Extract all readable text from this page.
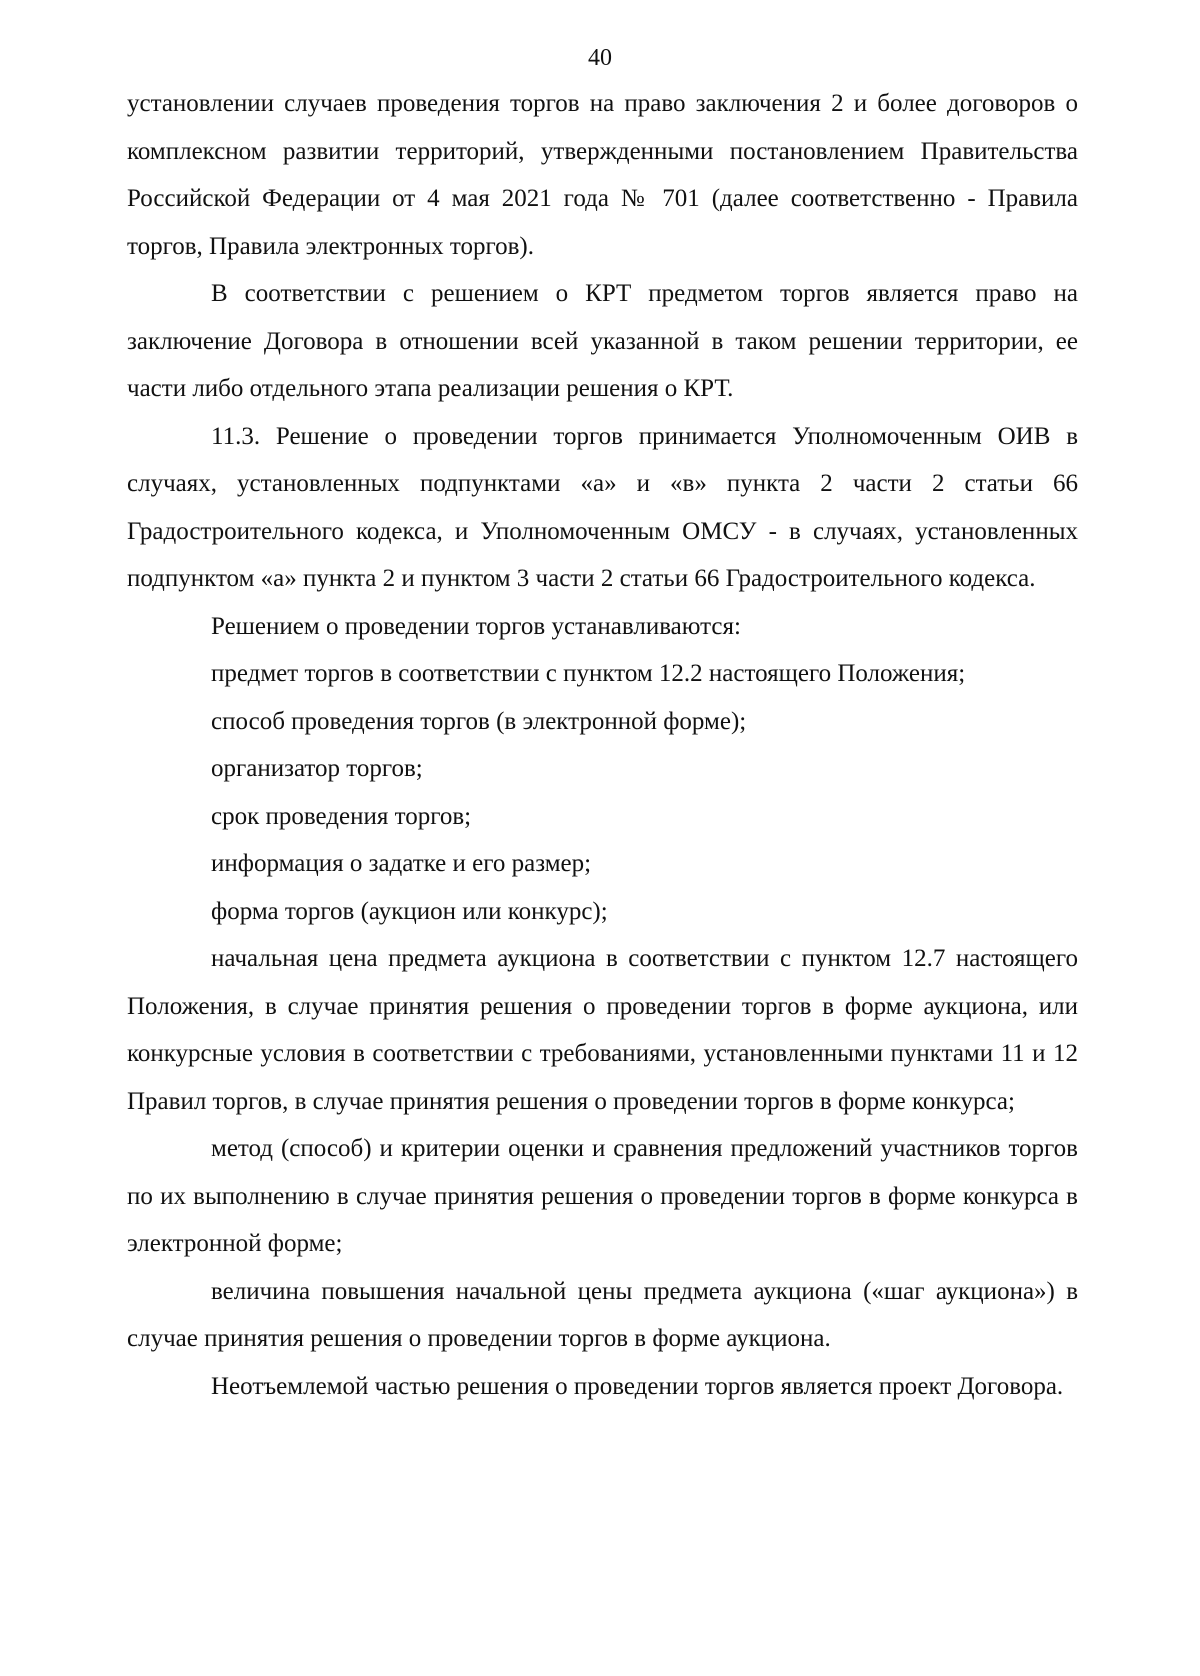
40

установлении случаев проведения торгов на право заключения 2 и более договоров о комплексном развитии территорий, утвержденными постановлением Правительства Российской Федерации от 4 мая 2021 года № 701 (далее соответственно - Правила торгов, Правила электронных торгов).

В соответствии с решением о КРТ предметом торгов является право на заключение Договора в отношении всей указанной в таком решении территории, ее части либо отдельного этапа реализации решения о КРТ.

11.3. Решение о проведении торгов принимается Уполномоченным ОИВ в случаях, установленных подпунктами «а» и «в» пункта 2 части 2 статьи 66 Градостроительного кодекса, и Уполномоченным ОМСУ - в случаях, установленных подпунктом «а» пункта 2 и пунктом 3 части 2 статьи 66 Градостроительного кодекса.

Решением о проведении торгов устанавливаются:

предмет торгов в соответствии с пунктом 12.2 настоящего Положения;

способ проведения торгов (в электронной форме);

организатор торгов;

срок проведения торгов;

информация о задатке и его размер;

форма торгов (аукцион или конкурс);

начальная цена предмета аукциона в соответствии с пунктом 12.7 настоящего Положения, в случае принятия решения о проведении торгов в форме аукциона, или конкурсные условия в соответствии с требованиями, установленными пунктами 11 и 12 Правил торгов, в случае принятия решения о проведении торгов в форме конкурса;

метод (способ) и критерии оценки и сравнения предложений участников торгов по их выполнению в случае принятия решения о проведении торгов в форме конкурса в электронной форме;

величина повышения начальной цены предмета аукциона («шаг аукциона») в случае принятия решения о проведении торгов в форме аукциона.

Неотъемлемой частью решения о проведении торгов является проект Договора.
